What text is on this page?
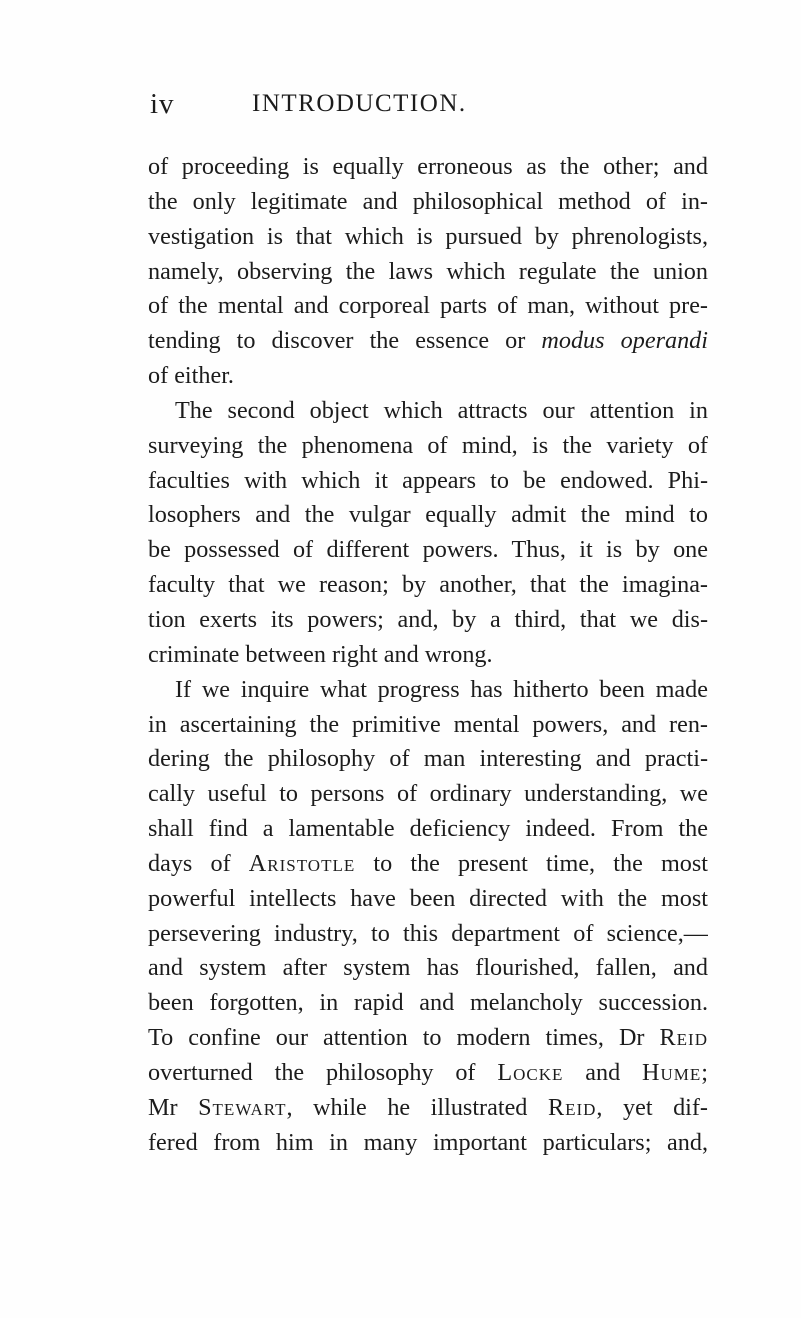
iv	INTRODUCTION.
of proceeding is equally erroneous as the other; and
the only legitimate and philosophical method of in-
vestigation is that which is pursued by phrenologists,
namely, observing the laws which regulate the union
of the mental and corporeal parts of man, without pre-
tending to discover the essence or modus operandi
of either.
The second object which attracts our attention in
surveying the phenomena of mind, is the variety of
faculties with which it appears to be endowed. Phi-
losophers and the vulgar equally admit the mind to
be possessed of different powers. Thus, it is by one
faculty that we reason; by another, that the imagina-
tion exerts its powers; and, by a third, that we dis-
criminate between right and wrong.
If we inquire what progress has hitherto been made
in ascertaining the primitive mental powers, and ren-
dering the philosophy of man interesting and practi-
cally useful to persons of ordinary understanding, we
shall find a lamentable deficiency indeed. From the
days of Aristotle to the present time, the most
powerful intellects have been directed with the most
persevering industry, to this department of science,—
and system after system has flourished, fallen, and
been forgotten, in rapid and melancholy succession.
To confine our attention to modern times, Dr Reid
overturned the philosophy of Locke and Hume;
Mr Stewart, while he illustrated Reid, yet dif-
fered from him in many important particulars; and,
